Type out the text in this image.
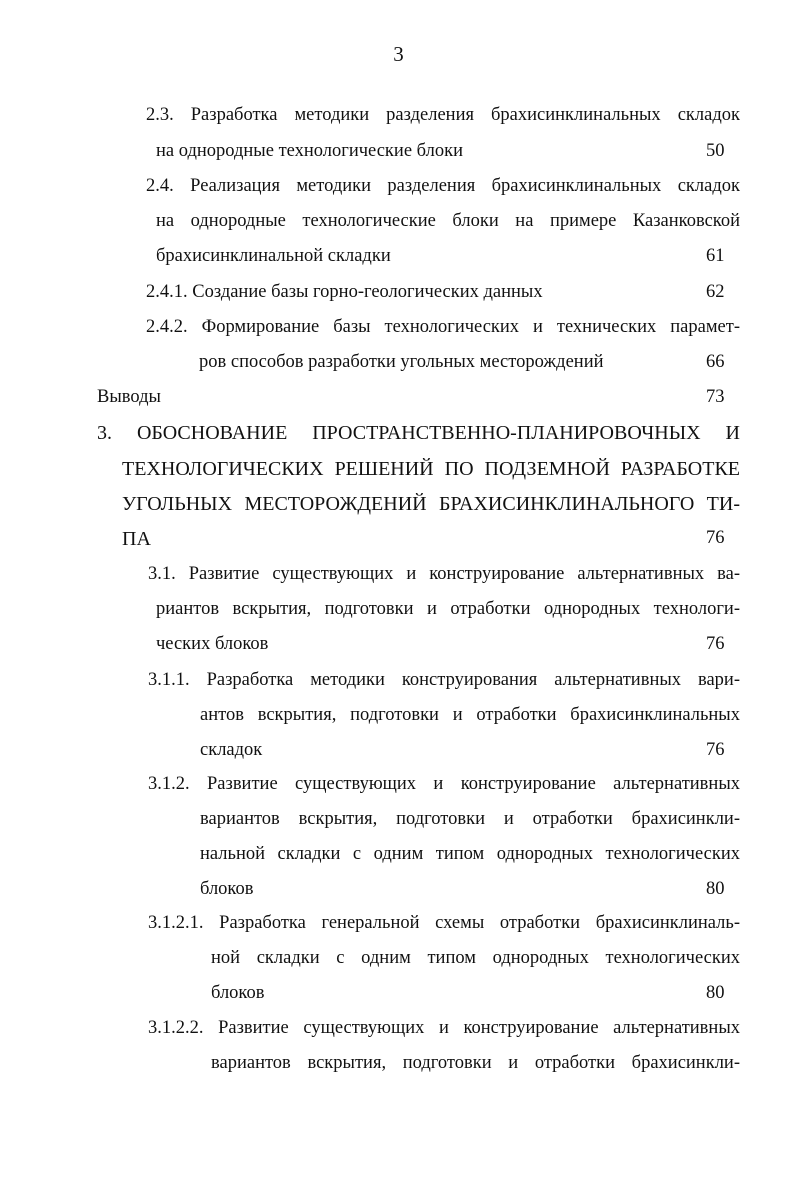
3
2.3. Разработка методики разделения брахисинклинальных складок
на однородные технологические блоки	50
2.4. Реализация методики разделения брахисинклинальных складок
на однородные технологические блоки на примере Казанковской
брахисинклинальной складки	61
2.4.1. Создание базы горно-геологических данных	62
2.4.2. Формирование базы технологических и технических парамет-
ров способов разработки угольных месторождений	66
Выводы	73
3. ОБОСНОВАНИЕ ПРОСТРАНСТВЕННО-ПЛАНИРОВОЧНЫХ И
ТЕХНОЛОГИЧЕСКИХ РЕШЕНИЙ ПО ПОДЗЕМНОЙ РАЗРАБОТКЕ
УГОЛЬНЫХ МЕСТОРОЖДЕНИЙ БРАХИСИНКЛИНАЛЬНОГО ТИ-
ПА	76
3.1. Развитие существующих и конструирование альтернативных ва-
риантов вскрытия, подготовки и отработки однородных технологи-
ческих блоков	76
3.1.1. Разработка методики конструирования альтернативных вари-
антов вскрытия, подготовки и отработки брахисинклинальных
складок	76
3.1.2. Развитие существующих и конструирование альтернативных
вариантов вскрытия, подготовки и отработки брахисинкли-
нальной складки с одним типом однородных технологических
блоков	80
3.1.2.1. Разработка генеральной схемы отработки брахисинклиналь-
ной складки с одним типом однородных технологических
блоков	80
3.1.2.2. Развитие существующих и конструирование альтернативных
вариантов вскрытия, подготовки и отработки брахисинкли-
